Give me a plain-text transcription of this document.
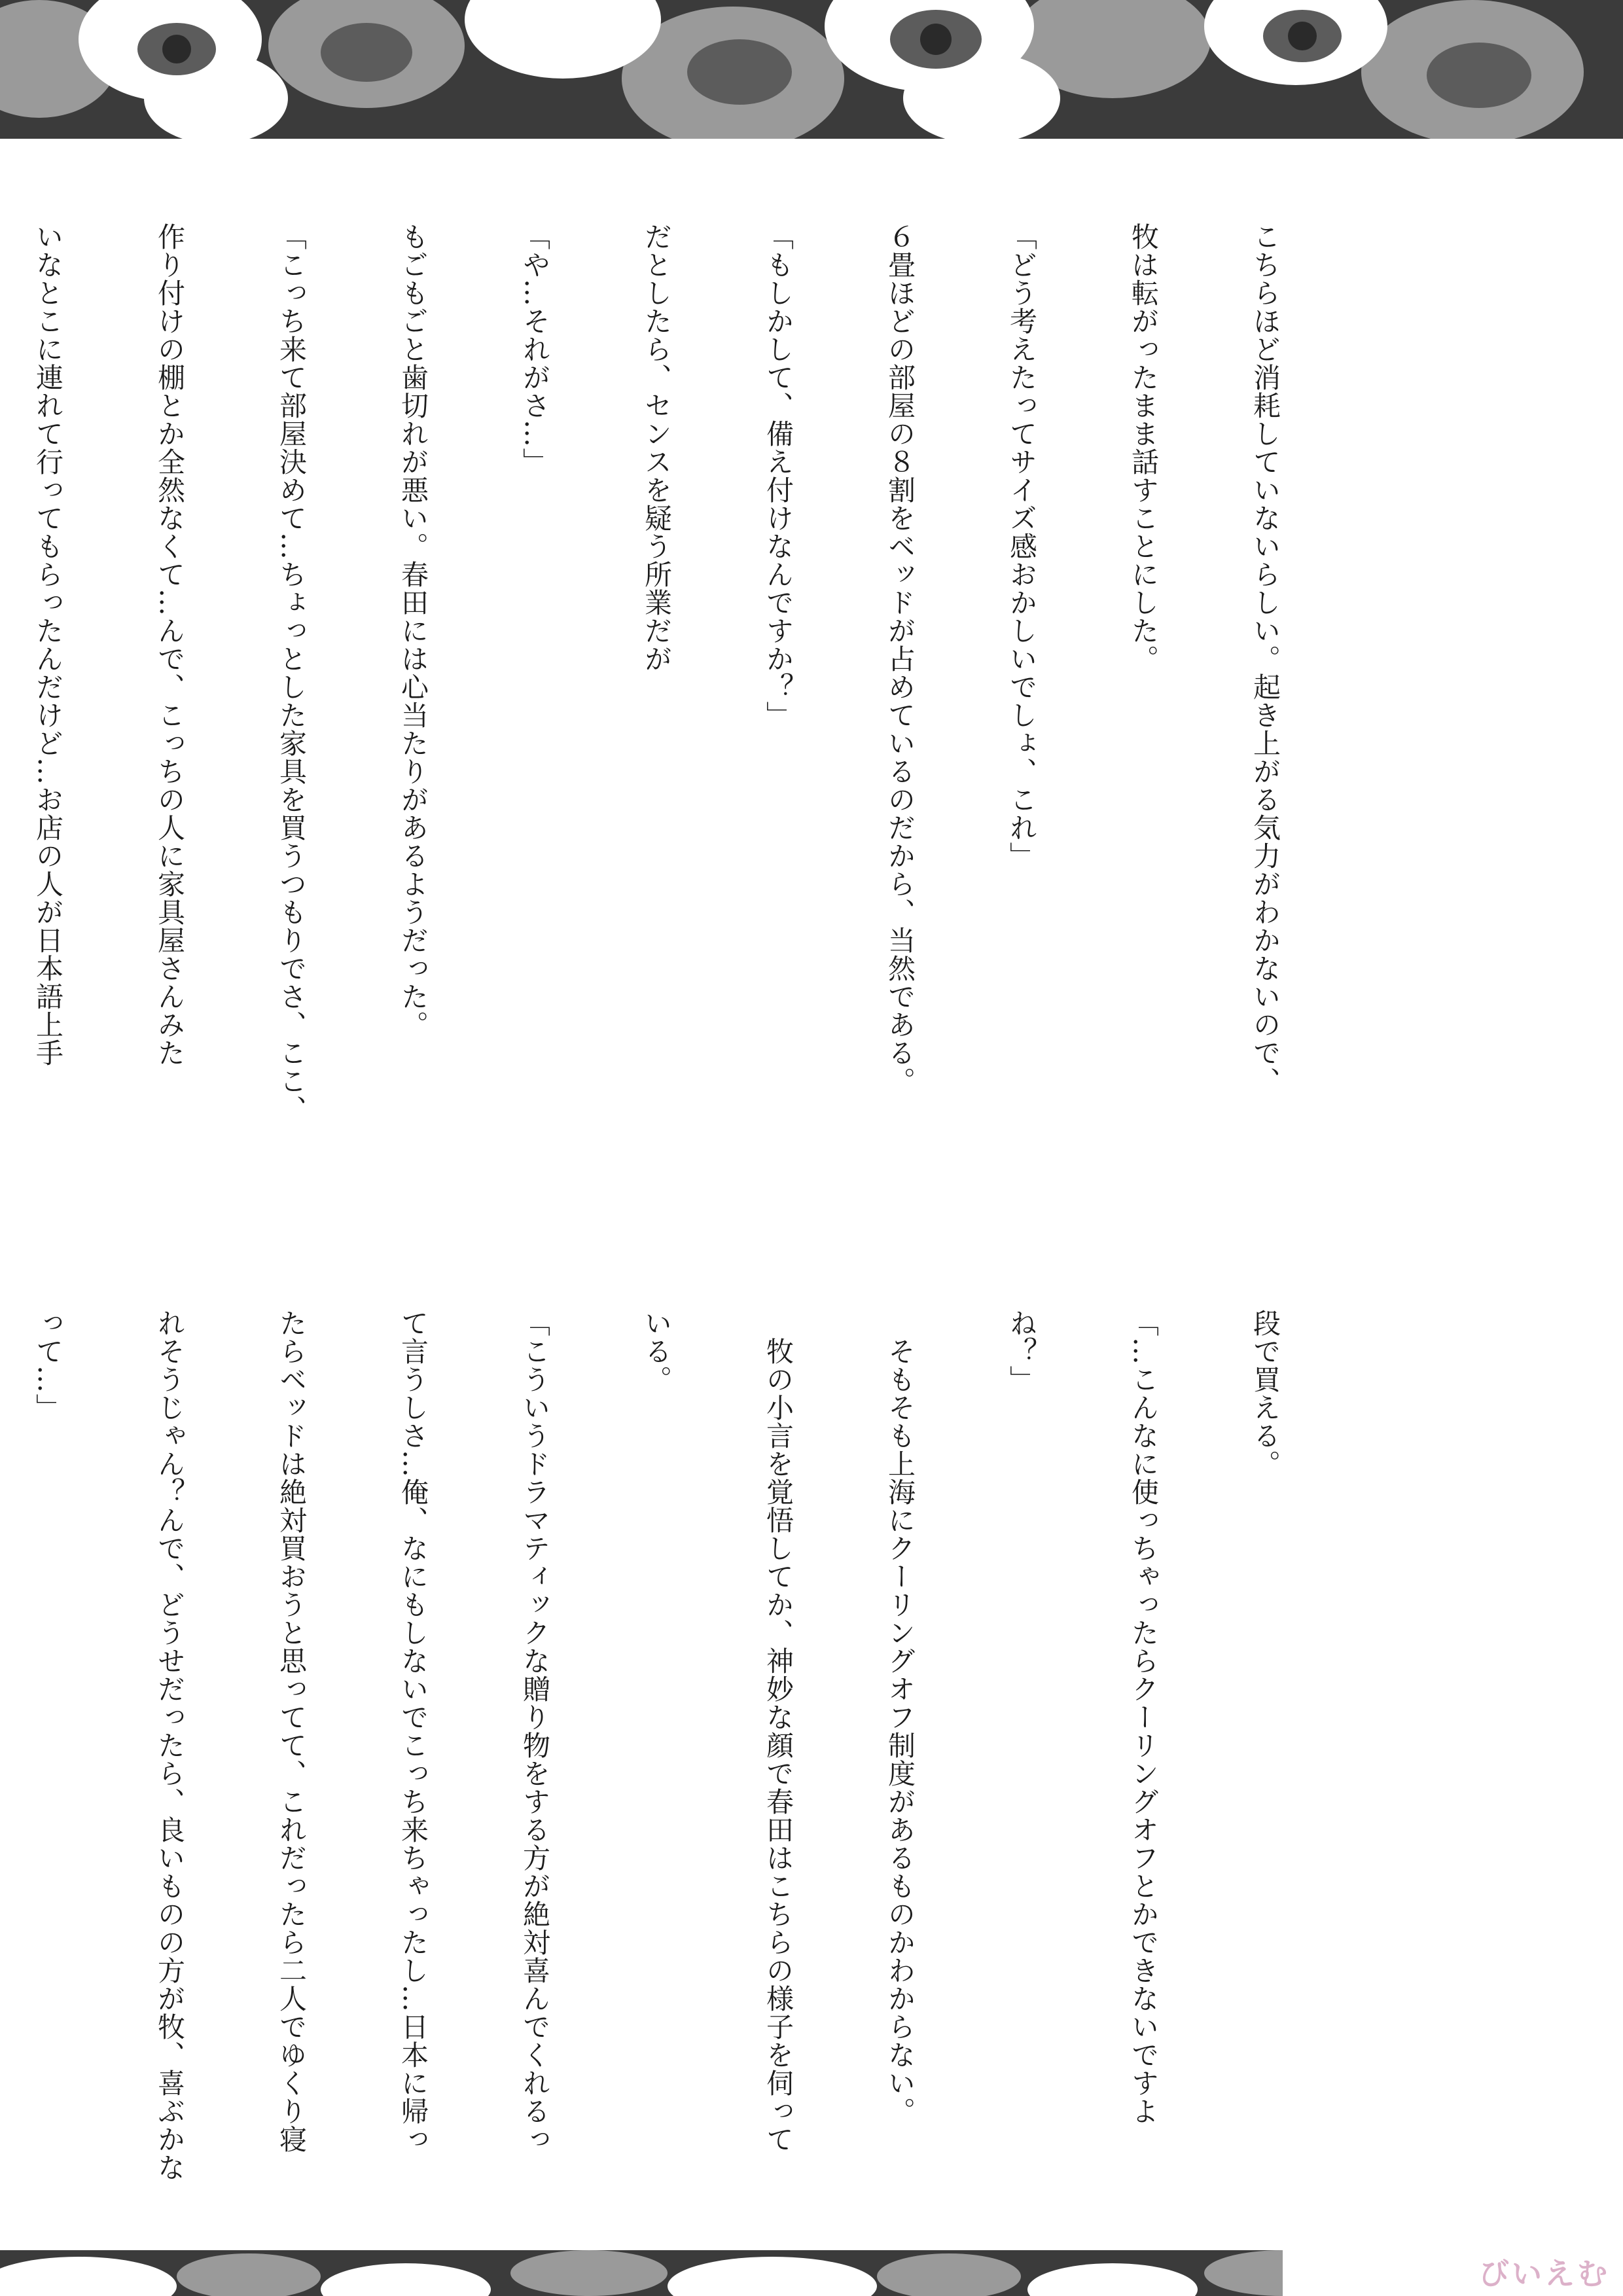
こちらほど消耗していないらしい。起き上がる気力がわかないので、

牧は転がったまま話すことにした。

「どう考えたってサイズ感おかしいでしょ、これ」

６畳ほどの部屋の８割をベッドが占めているのだから、当然である。

「もしかして、備え付けなんですか？」

だとしたら、センスを疑う所業だが

「や…それがさ…」

もごもごと歯切れが悪い。春田には心当たりがあるようだった。

「こっち来て部屋決めて…ちょっとした家具を買うつもりでさ、ここ、

作り付けの棚とか全然なくて…んで、こっちの人に家具屋さんみた

いなとこに連れて行ってもらったんだけど…お店の人が日本語上手

段で買える。

「…こんなに使っちゃったらクーリングオフとかできないですよ

ね？」

　そもそも上海にクーリングオフ制度があるものかわからない。

　牧の小言を覚悟してか、神妙な顔で春田はこちらの様子を伺って

いる。

「こういうドラマティックな贈り物をする方が絶対喜んでくれるっ

て言うしさ…俺、なにもしないでこっち来ちゃったし…日本に帰っ

たらベッドは絶対買おうと思ってて、これだったら二人でゆくり寝

れそうじゃん？んで、どうせだったら、良いものの方が牧、喜ぶかな

って…」

びいえむ
